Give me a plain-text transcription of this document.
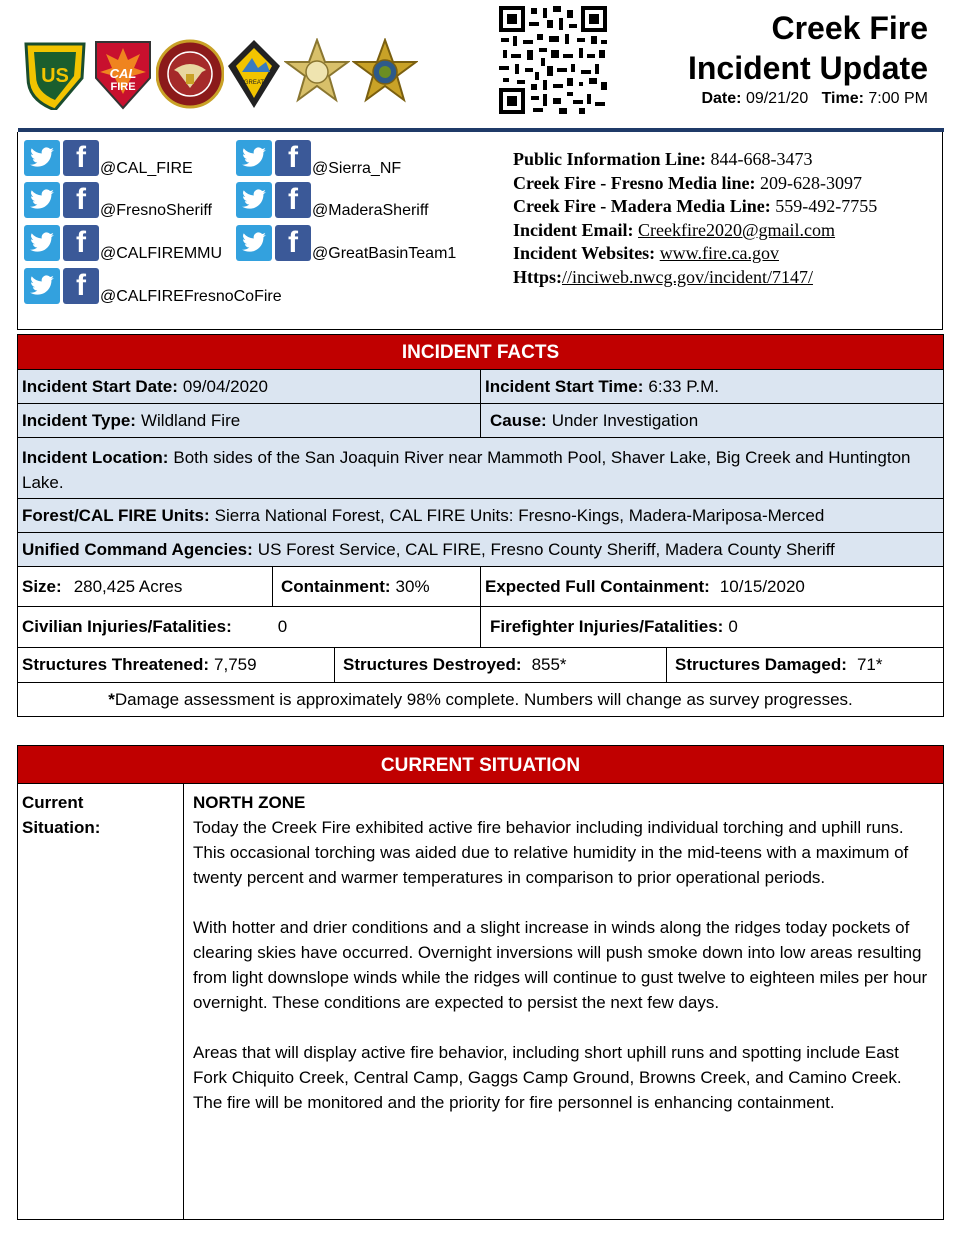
US	CAL
FIRE	GREAT
Creek Fire
Incident Update
Date: 09/21/20 Time: 7:00 PM
f @CAL_FIRE
f @FresnoSheriff
f @CALFIREMMU
f @CALFIREFresnoCoFire
f @Sierra_NF
f @MaderaSheriff
f @GreatBasinTeam1
Public Information Line: 844-668-3473
Creek Fire - Fresno Media line: 209-628-3097
Creek Fire - Madera Media Line: 559-492-7755
Incident Email: Creekfire2020@gmail.com
Incident Websites: www.fire.ca.gov
Https://inciweb.nwcg.gov/incident/7147/
INCIDENT FACTS
Incident Start Date: 09/04/2020	Incident Start Time: 6:33 P.M.
Incident Type: Wildland Fire	Cause: Under Investigation
Incident Location: Both sides of the San Joaquin River near Mammoth Pool, Shaver Lake, Big Creek and Huntington Lake.
Forest/CAL FIRE Units: Sierra National Forest, CAL FIRE Units: Fresno-Kings, Madera-Mariposa-Merced
Unified Command Agencies: US Forest Service, CAL FIRE, Fresno County Sheriff, Madera County Sheriff
Size: 280,425 Acres	Containment: 30%	Expected Full Containment: 10/15/2020
Civilian Injuries/Fatalities:	0	Firefighter Injuries/Fatalities: 0
Structures Threatened: 7,759	Structures Destroyed: 855*	Structures Damaged: 71*
* Damage assessment is approximately 98% complete. Numbers will change as survey progresses.
CURRENT SITUATION
Current
Situation:
NORTH ZONE

Today the Creek Fire exhibited active fire behavior including individual torching and uphill runs. This occasional torching was aided due to relative humidity in the mid-teens with a maximum of twenty percent and warmer temperatures in comparison to prior operational periods.

With hotter and drier conditions and a slight increase in winds along the ridges today pockets of clearing skies have occurred. Overnight inversions will push smoke down into low areas resulting from light downslope winds while the ridges will continue to gust twelve to eighteen miles per hour overnight. These conditions are expected to persist the next few days.

Areas that will display active fire behavior, including short uphill runs and spotting include East Fork Chiquito Creek, Central Camp, Gaggs Camp Ground, Browns Creek, and Camino Creek. The fire will be monitored and the priority for fire personnel is enhancing containment.
